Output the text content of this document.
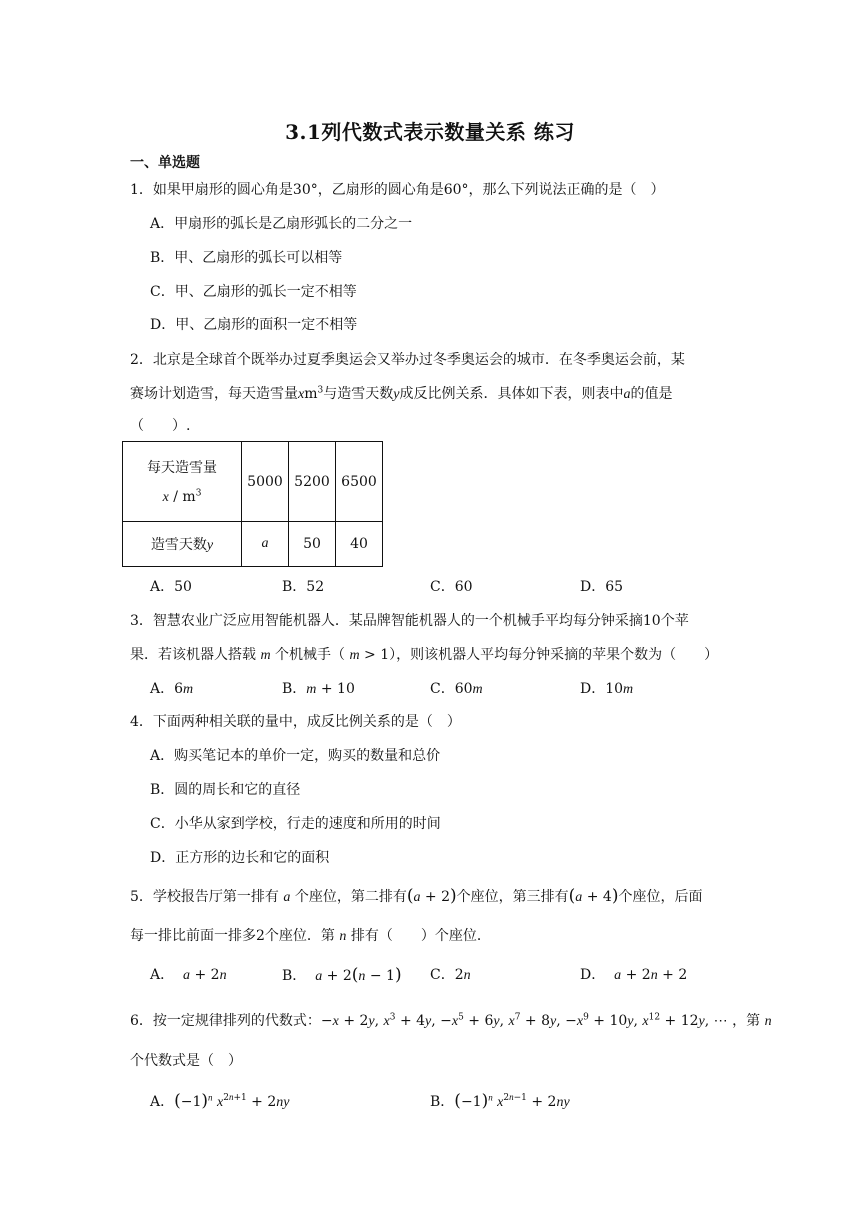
3.1列代数式表示数量关系 练习
一、单选题
1．如果甲扇形的圆心角是30°，乙扇形的圆心角是60°，那么下列说法正确的是（　）
A．甲扇形的弧长是乙扇形弧长的二分之一
B．甲、乙扇形的弧长可以相等
C．甲、乙扇形的弧长一定不相等
D．甲、乙扇形的面积一定不相等
2．北京是全球首个既举办过夏季奥运会又举办过冬季奥运会的城市．在冬季奥运会前，某
赛场计划造雪，每天造雪量$xm^3$与造雪天数y成反比例关系．具体如下表，则表中a的值是
（　　）.
每天造雪量
x / $m^3$	5000	5200	6500
造雪天数y	a	50	40
A．50	B．52	C．60	D．65
3．智慧农业广泛应用智能机器人．某品牌智能机器人的一个机械手平均每分钟采摘10个苹
果．若该机器人搭载 m 个机械手（ m > 1），则该机器人平均每分钟采摘的苹果个数为（　　）
A．6m	B．m + 10	C．60m	D．10m
4．下面两种相关联的量中，成反比例关系的是（　）
A．购买笔记本的单价一定，购买的数量和总价
B．圆的周长和它的直径
C．小华从家到学校，行走的速度和所用的时间
D．正方形的边长和它的面积
5．学校报告厅第一排有 a 个座位，第二排有(a + 2)个座位，第三排有(a + 4)个座位，后面
每一排比前面一排多2个座位．第 n 排有（　　）个座位．
A． a + 2n	B． a + 2(n − 1) C．2n	D． a + 2n + 2
6．按一定规律排列的代数式：−x + 2y, $x^3 + 4y$, $-x^5 + 6y$, $x^7 + 8y$, $-x^9 + 10y$, $x^{12} + 12y$, ⋯ ，第 n
个代数式是（　）
A．$(-1)^n$ $x^{2n+1} + 2ny$	B．$(-1)^n$ $x^{2n-1} + 2ny$
